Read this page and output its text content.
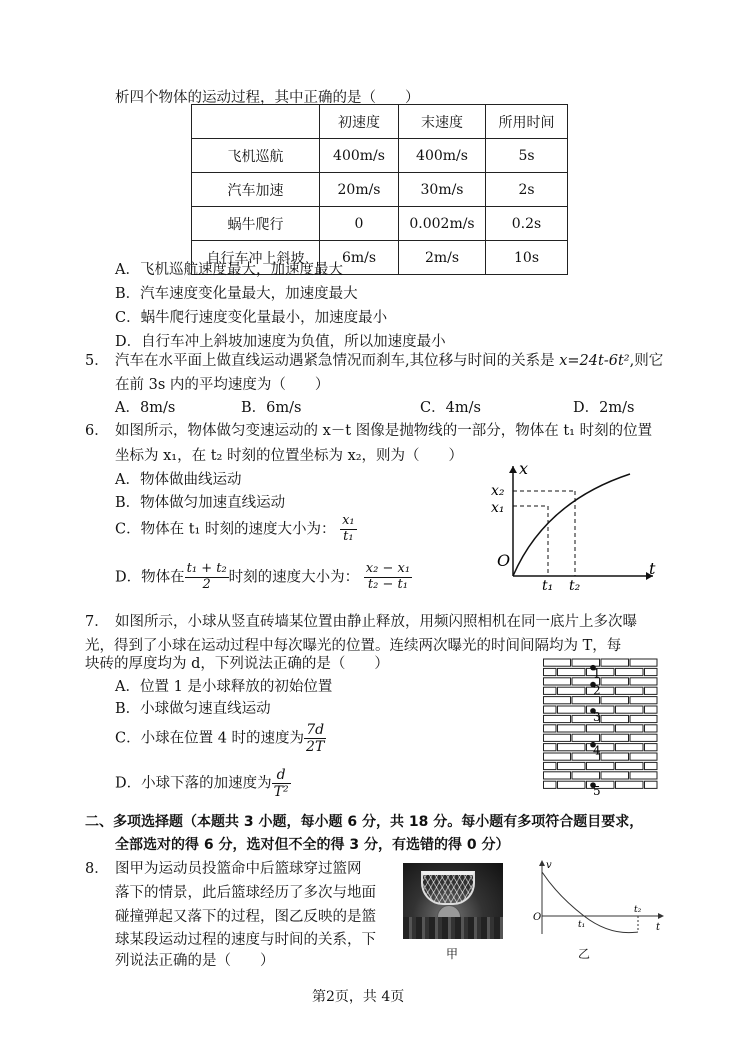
析四个物体的运动过程，其中正确的是（　　）
	初速度	末速度	所用时间
飞机巡航	400m/s	400m/s	5s
汽车加速	20m/s	30m/s	2s
蜗牛爬行	0	0.002m/s	0.2s
自行车冲上斜坡	6m/s	2m/s	10s
A．飞机巡航速度最大，加速度最大
B．汽车速度变化量最大，加速度最大
C．蜗牛爬行速度变化量最小，加速度最小
D．自行车冲上斜坡加速度为负值，所以加速度最小
5． 汽车在水平面上做直线运动遇紧急情况而刹车,其位移与时间的关系是 x=24t-6t²,则它
在前 3s 内的平均速度为（　　）
A．8m/s	B．6m/s	C．4m/s	D．2m/s
6． 如图所示，物体做匀变速运动的 x－t 图像是抛物线的一部分，物体在 t₁ 时刻的位置
坐标为 x₁，在 t₂ 时刻的位置坐标为 x₂，则为（　　）
A．物体做曲线运动
B．物体做匀加速直线运动
C．物体在 t₁ 时刻的速度大小为： $\frac{\text{x₁}}{\text{t₁}}$
D．物体在 $\frac{\text{t₁ + t₂}}{2}$ 时刻的速度大小为： $\frac{\text{x₂ − x₁}}{\text{t₂ − t₁}}$
x
x₂
x₁
O	t
t₁ t₂
7． 如图所示，小球从竖直砖墙某位置由静止释放，用频闪照相机在同一底片上多次曝
光，得到了小球在运动过程中每次曝光的位置。连续两次曝光的时间间隔均为 T，每
块砖的厚度均为 d，下列说法正确的是（　　）
A．位置 1 是小球释放的初始位置
B．小球做匀速直线运动
C．小球在位置 4 时的速度为 $\frac{7d}{2T}$
D．小球下落的加速度为 $\frac{d}{\text{T²}}$
1
2
3
4
5
二、多项选择题（本题共 3 小题，每小题 6 分，共 18 分。每小题有多项符合题目要求，
全部选对的得 6 分，选对但不全的得 3 分，有选错的得 0 分）
8． 图甲为运动员投篮命中后篮球穿过篮网
落下的情景，此后篮球经历了多次与地面
碰撞弹起又落下的过程，图乙反映的是篮
球某段运动过程的速度与时间的关系，下
列说法正确的是（　　）	甲
v
O
t
t₁
t₂
乙
第2页，共 4页
